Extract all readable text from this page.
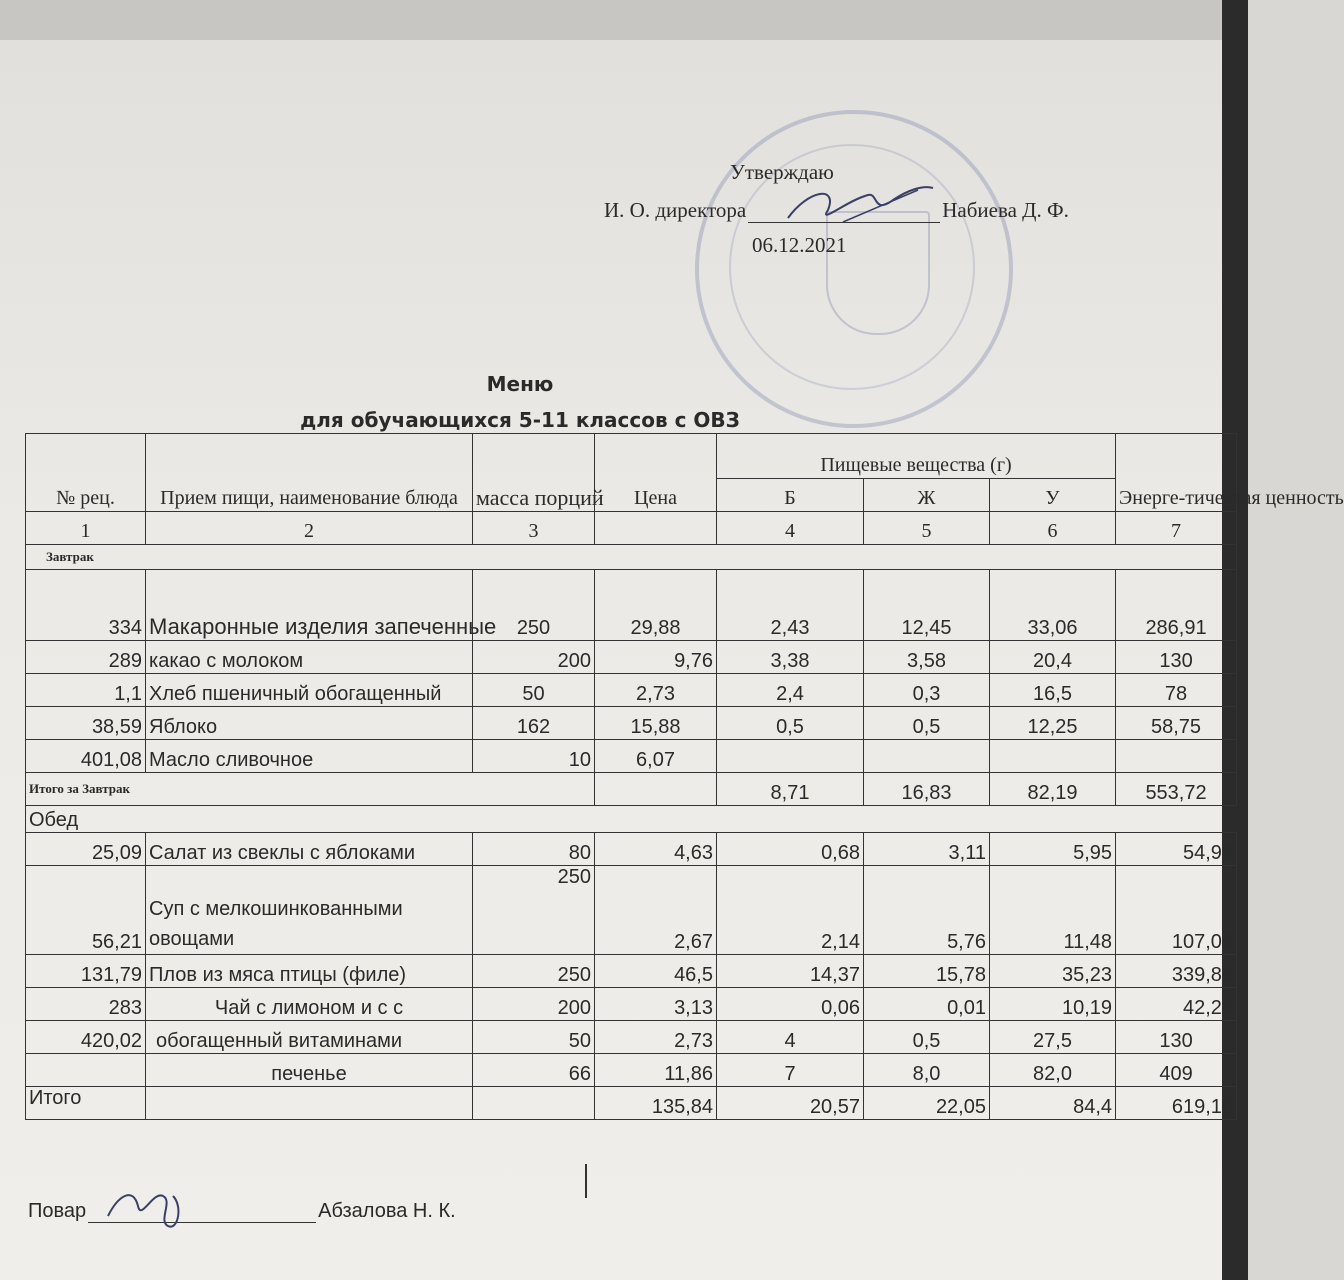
Утверждаю
И. О. директора	Набиева Д. Ф.
06.12.2021
Меню
для обучающихся 5-11 классов с ОВЗ
№ рец.	Прием пищи, наименование блюда	масса порций	Цена	Пищевые вещества (г)			Энерге-тическая ценность
				Б	Ж	У	
1	2	3		4	5	6	7
Завтрак							
334	Макаронные изделия запеченные	250	29,88	2,43	12,45	33,06	286,91
289	какао с молоком	200	9,76	3,38	3,58	20,4	130
1,1	Хлеб пшеничный обогащенный	50	2,73	2,4	0,3	16,5	78
38,59	Яблоко	162	15,88	0,5	0,5	12,25	58,75
401,08	Масло сливочное	10	6,07				
Итого за Завтрак				8,71	16,83	82,19	553,72
Обед							
25,09	Салат из свеклы с яблоками	80	4,63	0,68	3,11	5,95	54,96
56,21	Суп с мелкошинкованными овощами	250	2,67	2,14	5,76	11,48	107,06
131,79	Плов из мяса птицы (филе)	250	46,5	14,37	15,78	35,23	339,82
283	Чай с лимоном и с с	200	3,13	0,06	0,01	10,19	42,28
420,02	обогащенный витаминами	50	2,73	4	0,5	27,5	130
	печенье	66	11,86	7	8,0	82,0	409
Итого			135,84	20,57	22,05	84,4	619,16
Повар	Абзалова Н. К.
